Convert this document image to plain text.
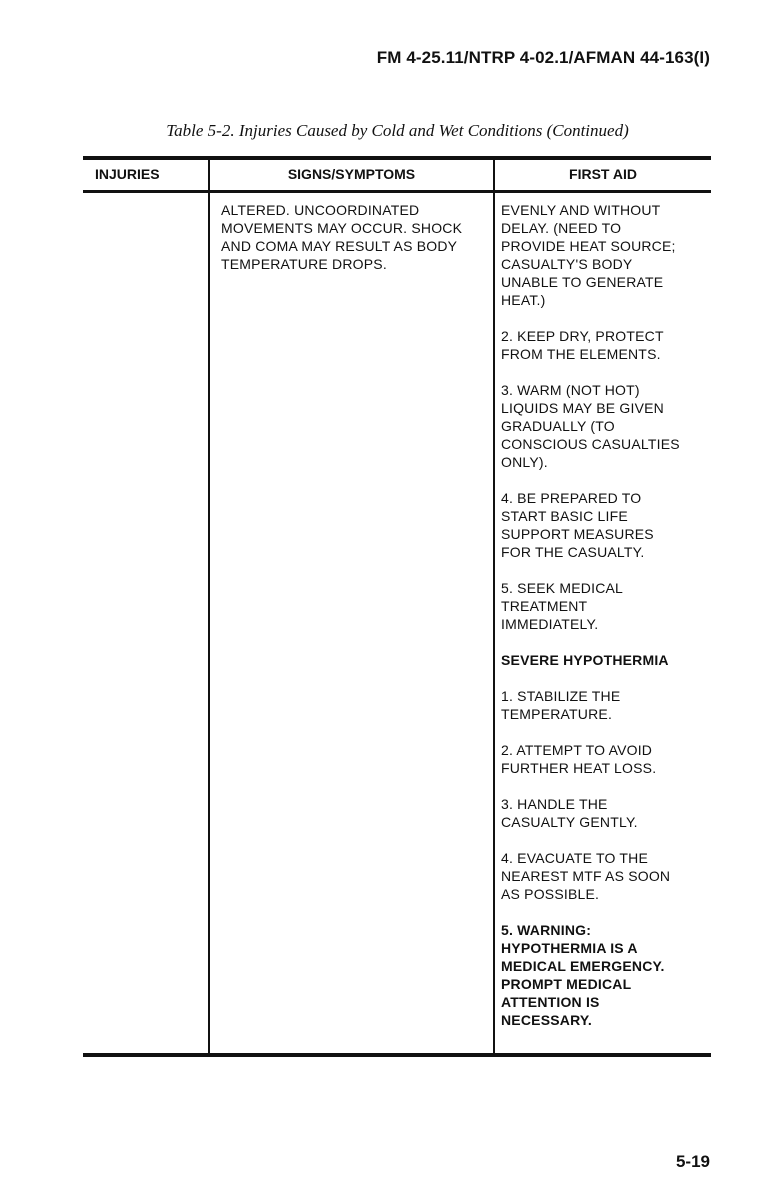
FM 4-25.11/NTRP 4-02.1/AFMAN 44-163(I)
Table 5-2. Injuries Caused by Cold and Wet Conditions (Continued)
INJURIES	SIGNS/SYMPTOMS	FIRST AID

ALTERED. UNCOORDINATED
MOVEMENTS MAY OCCUR. SHOCK
AND COMA MAY RESULT AS BODY
TEMPERATURE DROPS.

EVENLY AND WITHOUT
DELAY. (NEED TO
PROVIDE HEAT SOURCE;
CASUALTY'S BODY
UNABLE TO GENERATE
HEAT.)

2. KEEP DRY, PROTECT
FROM THE ELEMENTS.

3. WARM (NOT HOT)
LIQUIDS MAY BE GIVEN
GRADUALLY (TO
CONSCIOUS CASUALTIES
ONLY).

4. BE PREPARED TO
START BASIC LIFE
SUPPORT MEASURES
FOR THE CASUALTY.

5. SEEK MEDICAL
TREATMENT
IMMEDIATELY.

SEVERE HYPOTHERMIA

1. STABILIZE THE
TEMPERATURE.

2. ATTEMPT TO AVOID
FURTHER HEAT LOSS.

3. HANDLE THE
CASUALTY GENTLY.

4. EVACUATE TO THE
NEAREST MTF AS SOON
AS POSSIBLE.

5. WARNING:
HYPOTHERMIA IS A
MEDICAL EMERGENCY.
PROMPT MEDICAL
ATTENTION IS
NECESSARY.

5-19
